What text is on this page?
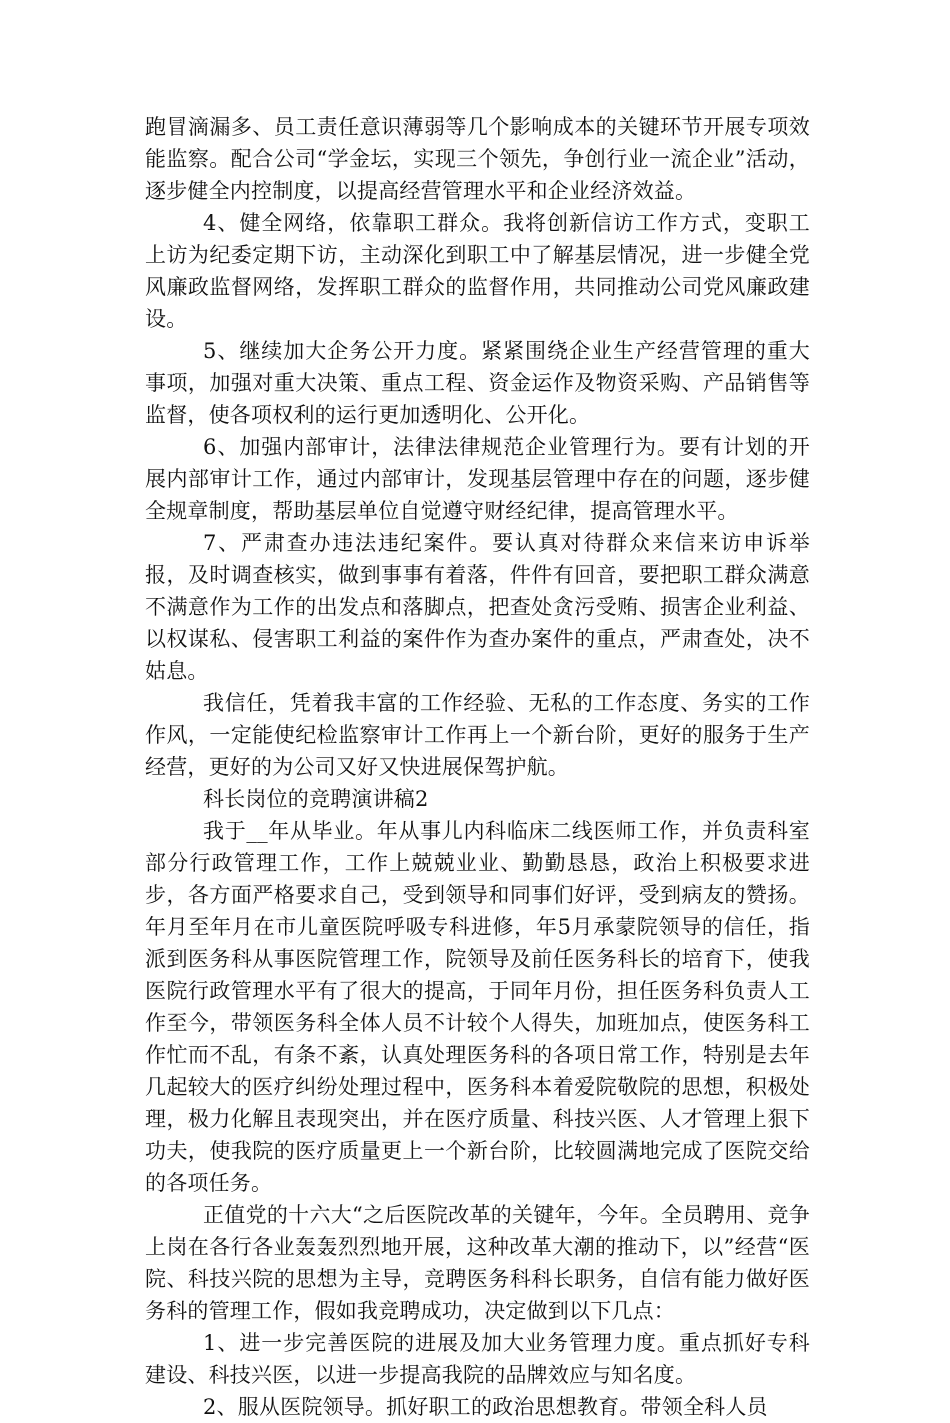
跑冒滴漏多、员工责任意识薄弱等几个影响成本的关键环节开展专项效能监察。配合公司“学金坛，实现三个领先，争创行业一流企业”活动，逐步健全内控制度，以提高经营管理水平和企业经济效益。

4、健全网络，依靠职工群众。我将创新信访工作方式，变职工上访为纪委定期下访，主动深化到职工中了解基层情况，进一步健全党风廉政监督网络，发挥职工群众的监督作用，共同推动公司党风廉政建设。

5、继续加大企务公开力度。紧紧围绕企业生产经营管理的重大事项，加强对重大决策、重点工程、资金运作及物资采购、产品销售等监督，使各项权利的运行更加透明化、公开化。

6、加强内部审计，法律法律规范企业管理行为。要有计划的开展内部审计工作，通过内部审计，发现基层管理中存在的问题，逐步健全规章制度，帮助基层单位自觉遵守财经纪律，提高管理水平。

7、严肃查办违法违纪案件。要认真对待群众来信来访申诉举报，及时调查核实，做到事事有着落，件件有回音，要把职工群众满意不满意作为工作的出发点和落脚点，把查处贪污受贿、损害企业利益、以权谋私、侵害职工利益的案件作为查办案件的重点，严肃查处，决不姑息。

我信任，凭着我丰富的工作经验、无私的工作态度、务实的工作作风，一定能使纪检监察审计工作再上一个新台阶，更好的服务于生产经营，更好的为公司又好又快进展保驾护航。

科长岗位的竞聘演讲稿2

我于__年从毕业。年从事儿内科临床二线医师工作，并负责科室部分行政管理工作，工作上兢兢业业、勤勤恳恳，政治上积极要求进步，各方面严格要求自己，受到领导和同事们好评，受到病友的赞扬。年月至年月在市儿童医院呼吸专科进修，年5月承蒙院领导的信任，指派到医务科从事医院管理工作，院领导及前任医务科长的培育下，使我医院行政管理水平有了很大的提高，于同年月份，担任医务科负责人工作至今，带领医务科全体人员不计较个人得失，加班加点，使医务科工作忙而不乱，有条不紊，认真处理医务科的各项日常工作，特别是去年几起较大的医疗纠纷处理过程中，医务科本着爱院敬院的思想，积极处理，极力化解且表现突出，并在医疗质量、科技兴医、人才管理上狠下功夫，使我院的医疗质量更上一个新台阶，比较圆满地完成了医院交给的各项任务。

正值党的十六大“之后医院改革的关键年，今年。全员聘用、竞争上岗在各行各业轰轰烈烈地开展，这种改革大潮的推动下，以”经营“医院、科技兴院的思想为主导，竞聘医务科科长职务，自信有能力做好医务科的管理工作，假如我竞聘成功，决定做到以下几点：

1、进一步完善医院的进展及加大业务管理力度。重点抓好专科建设、科技兴医，以进一步提高我院的品牌效应与知名度。

2、服从医院领导。抓好职工的政治思想教育。带领全科人员
